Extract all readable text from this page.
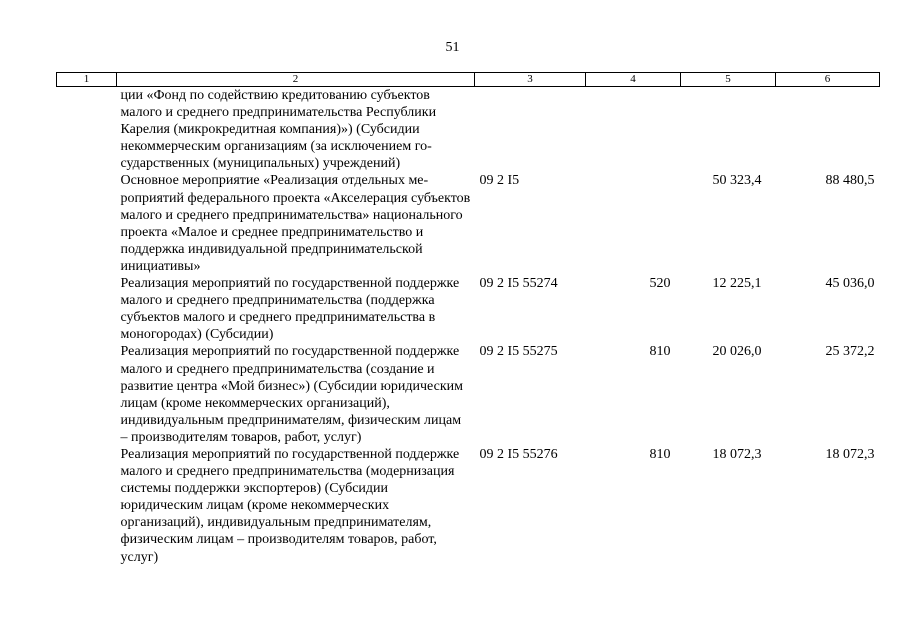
51
1	2	3	4	5	6
	ции «Фонд по содействию кредитованию субъектов малого и среднего предпринимательства Республики Карелия (микрокредитная компания)») (Субсидии некоммерческим организациям (за исключением государственных (муниципальных) учреждений)				
	Основное мероприятие «Реализация отдельных мероприятий федерального проекта «Акселерация субъектов малого и среднего предпринимательства» национального проекта «Малое и среднее предпринимательство и поддержка индивидуальной предпринимательской инициативы»	09 2 I5		50 323,4	88 480,5
	Реализация мероприятий по государственной поддержке малого и среднего предпринимательства (поддержка субъектов малого и среднего предпринимательства в моногородах) (Субсидии)	09 2 I5 55274	520	12 225,1	45 036,0
	Реализация мероприятий по государственной поддержке малого и среднего предпринимательства (создание и развитие центра «Мой бизнес») (Субсидии юридическим лицам (кроме некоммерческих организаций), индивидуальным предпринимателям, физическим лицам – производителям товаров, работ, услуг)	09 2 I5 55275	810	20 026,0	25 372,2
	Реализация мероприятий по государственной поддержке малого и среднего предпринимательства (модернизация системы поддержки экспортеров) (Субсидии юридическим лицам (кроме некоммерческих организаций), индивидуальным предпринимателям, физическим лицам – производителям товаров, работ, услуг)	09 2 I5 55276	810	18 072,3	18 072,3
